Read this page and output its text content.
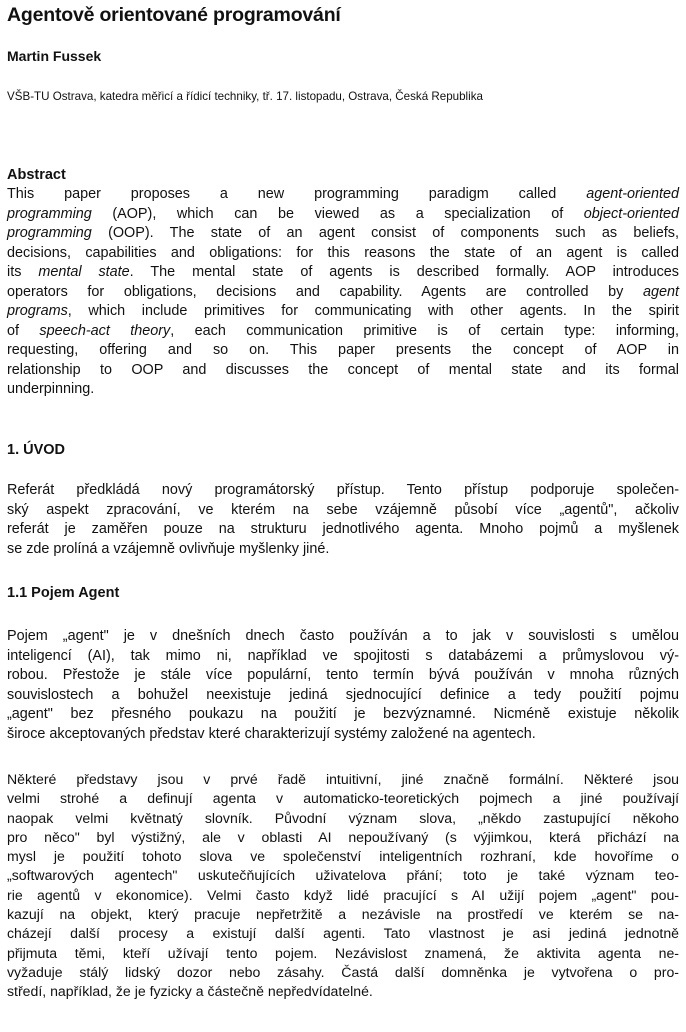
Agentově orientované programování
Martin Fussek
VŠB-TU Ostrava, katedra měřicí a řídicí techniky, tř. 17. listopadu, Ostrava, Česká Republika
Abstract
This paper proposes a new programming paradigm called agent-oriented
programming (AOP), which can be viewed as a specialization of object-oriented
programming (OOP). The state of an agent consist of components such as beliefs,
decisions, capabilities and obligations: for this reasons the state of an agent is called
its mental state. The mental state of agents is described formally. AOP introduces
operators for obligations, decisions and capability. Agents are controlled by agent
programs, which include primitives for communicating with other agents. In the spirit
of speech-act theory, each communication primitive is of certain type: informing,
requesting, offering and so on. This paper presents the concept of AOP in
relationship to OOP and discusses the concept of mental state and its formal
underpinning.
1. ÚVOD
Referát předkládá nový programátorský přístup. Tento přístup podporuje společen-
ský aspekt zpracování, ve kterém na sebe vzájemně působí více „agentů", ačkoliv
referát je zaměřen pouze na strukturu jednotlivého agenta. Mnoho pojmů a myšlenek
se zde prolíná a vzájemně ovlivňuje myšlenky jiné.
1.1 Pojem Agent
Pojem „agent" je v dnešních dnech často používán a to jak v souvislosti s umělou
inteligencí (AI), tak mimo ni, například ve spojitosti s databázemi a průmyslovou vý-
robou. Přestože je stále více populární, tento termín bývá používán v mnoha různých
souvislostech a bohužel neexistuje jediná sjednocující definice a tedy použití pojmu
„agent" bez přesného poukazu na použití je bezvýznamné. Nicméně existuje několik
široce akceptovaných představ které charakterizují systémy založené na agentech.
Některé představy jsou v prvé řadě intuitivní, jiné značně formální. Některé jsou
velmi strohé a definují agenta v automaticko-teoretických pojmech a jiné používají
naopak velmi květnatý slovník. Původní význam slova, „někdo zastupující někoho
pro něco" byl výstižný, ale v oblasti AI nepoužívaný (s výjimkou, která přichází na
mysl je použití tohoto slova ve společenství inteligentních rozhraní, kde hovoříme o
„softwarových agentech" uskutečňujících uživatelova přání; toto je také význam teo-
rie agentů v ekonomice). Velmi často když lidé pracující s AI užijí pojem „agent" pou-
kazují na objekt, který pracuje nepřetržitě a nezávisle na prostředí ve kterém se na-
cházejí další procesy a existují další agenti. Tato vlastnost je asi jediná jednotně
přijmuta těmi, kteří užívají tento pojem. Nezávislost znamená, že aktivita agenta ne-
vyžaduje stálý lidský dozor nebo zásahy. Častá další domněnka je vytvořena o pro-
středí, například, že je fyzicky a částečně nepředvídatelné.
